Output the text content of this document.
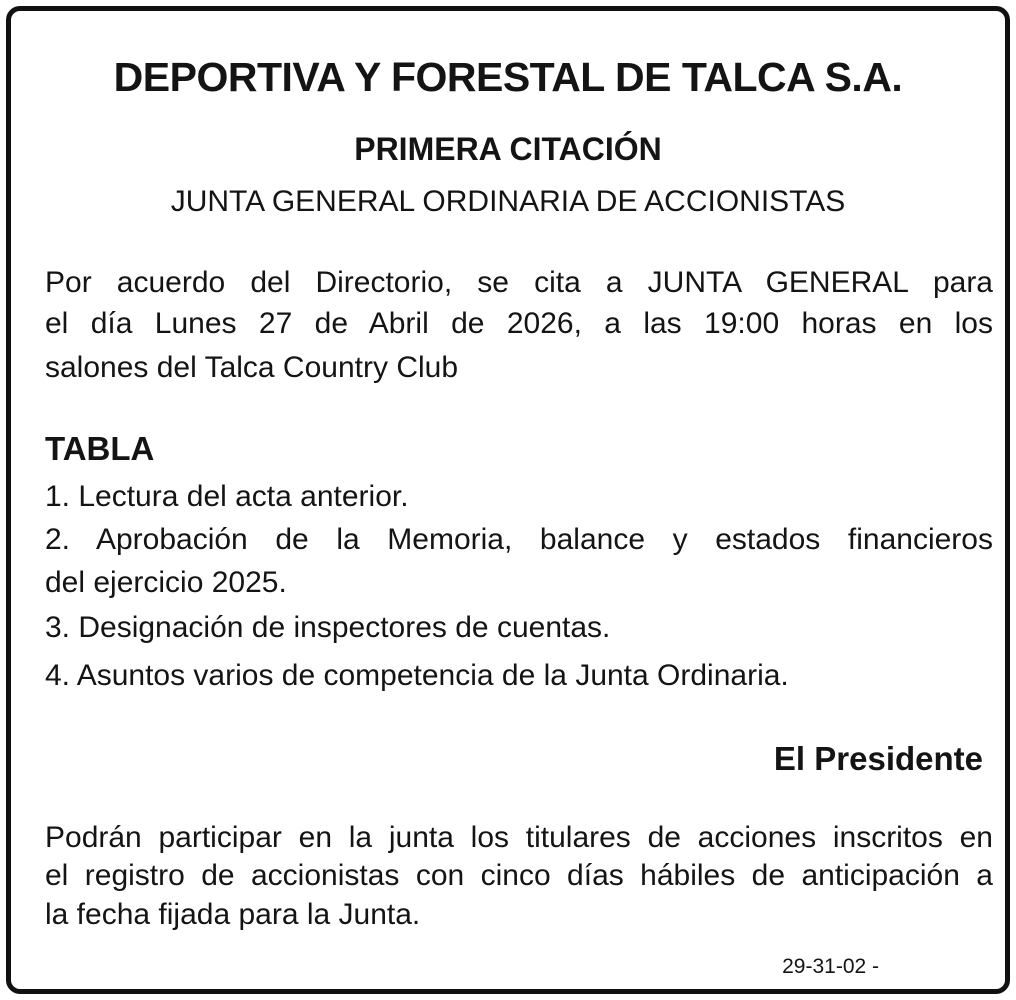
DEPORTIVA Y FORESTAL DE TALCA S.A.
PRIMERA CITACIÓN
JUNTA GENERAL ORDINARIA DE ACCIONISTAS
Por acuerdo del Directorio, se cita a JUNTA GENERAL para
el día Lunes 27 de Abril de 2026, a las 19:00 horas en los
salones del Talca Country Club
TABLA
1. Lectura del acta anterior.
2. Aprobación de la Memoria, balance y estados financieros
del ejercicio 2025.
3. Designación de inspectores de cuentas.
4. Asuntos varios de competencia de la Junta Ordinaria.
El Presidente
Podrán participar en la junta los titulares de acciones inscritos en
el registro de accionistas con cinco días hábiles de anticipación a
la fecha fijada para la Junta.
29-31-02 -
